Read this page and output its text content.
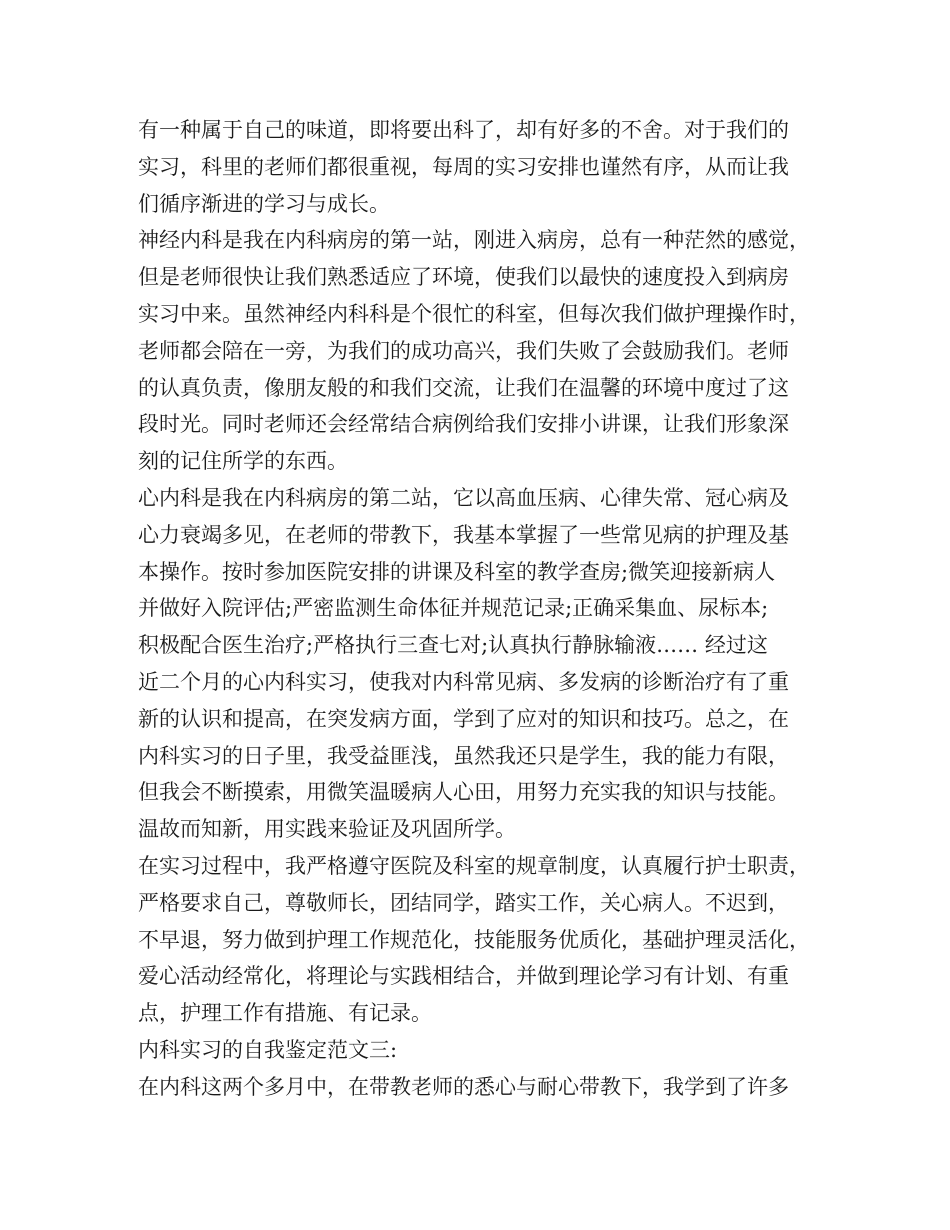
有一种属于自己的味道，即将要出科了，却有好多的不舍。对于我们的
实习，科里的老师们都很重视，每周的实习安排也谨然有序，从而让我
们循序渐进的学习与成长。
神经内科是我在内科病房的第一站，刚进入病房，总有一种茫然的感觉，
但是老师很快让我们熟悉适应了环境，使我们以最快的速度投入到病房
实习中来。虽然神经内科科是个很忙的科室，但每次我们做护理操作时，
老师都会陪在一旁，为我们的成功高兴，我们失败了会鼓励我们。老师
的认真负责，像朋友般的和我们交流，让我们在温馨的环境中度过了这
段时光。同时老师还会经常结合病例给我们安排小讲课，让我们形象深
刻的记住所学的东西。
心内科是我在内科病房的第二站，它以高血压病、心律失常、冠心病及
心力衰竭多见，在老师的带教下，我基本掌握了一些常见病的护理及基
本操作。按时参加医院安排的讲课及科室的教学查房;微笑迎接新病人
并做好入院评估;严密监测生命体征并规范记录;正确采集血、尿标本;
积极配合医生治疗;严格执行三查七对;认真执行静脉输液…… 经过这
近二个月的心内科实习，使我对内科常见病、多发病的诊断治疗有了重
新的认识和提高，在突发病方面，学到了应对的知识和技巧。总之，在
内科实习的日子里，我受益匪浅，虽然我还只是学生，我的能力有限，
但我会不断摸索，用微笑温暖病人心田，用努力充实我的知识与技能。
温故而知新，用实践来验证及巩固所学。
在实习过程中，我严格遵守医院及科室的规章制度，认真履行护士职责，
严格要求自己，尊敬师长，团结同学，踏实工作，关心病人。不迟到，
不早退，努力做到护理工作规范化，技能服务优质化，基础护理灵活化，
爱心活动经常化，将理论与实践相结合，并做到理论学习有计划、有重
点，护理工作有措施、有记录。
内科实习的自我鉴定范文三:
在内科这两个多月中，在带教老师的悉心与耐心带教下，我学到了许多
